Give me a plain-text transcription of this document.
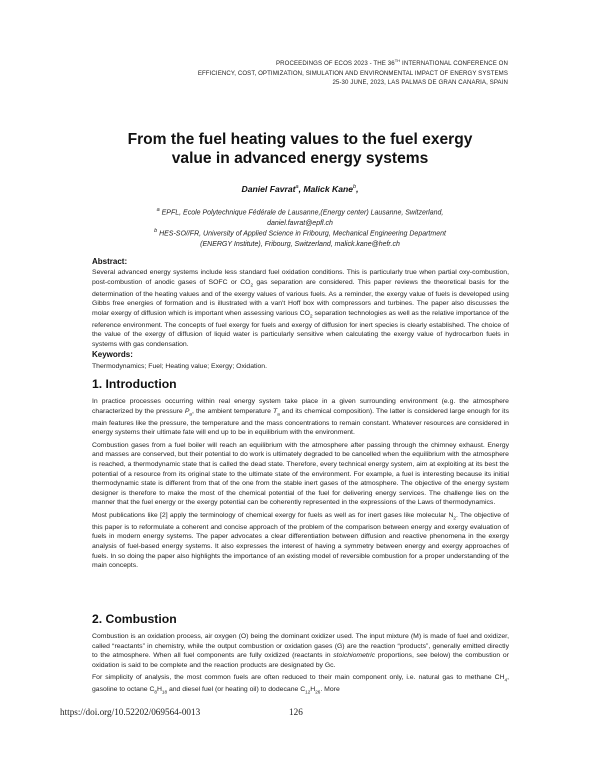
PROCEEDINGS OF ECOS 2023 - THE 36TH INTERNATIONAL CONFERENCE ON
EFFICIENCY, COST, OPTIMIZATION, SIMULATION AND ENVIRONMENTAL IMPACT OF ENERGY SYSTEMS
25-30 JUNE, 2023, LAS PALMAS DE GRAN CANARIA, SPAIN
From the fuel heating values to the fuel exergy
value in advanced energy systems
Daniel Favrat$^a$, Malick Kane$^b$,
$^a$ EPFL, Ecole Polytechnique Fédérale de Lausanne,(Energy center) Lausanne, Switzerland,
daniel.favrat@epfl.ch
$^b$ HES-SO//FR, University of Applied Science in Fribourg, Mechanical Engineering Department
(ENERGY Institute), Fribourg, Switzerland, malick.kane@hefr.ch
Abstract:

Several advanced energy systems include less standard fuel oxidation conditions. This is particularly true when partial oxy-combustion, post-combustion of anodic gases of SOFC or $CO_2$ gas separation are considered. This paper reviews the theoretical basis for the determination of the heating values and of the exergy values of various fuels. As a reminder, the exergy value of fuels is developed using Gibbs free energies of formation and is illustrated with a van't Hoff box with compressors and turbines. The paper also discusses the molar exergy of diffusion which is important when assessing various $CO_2$ separation technologies as well as the relative importance of the reference environment. The concepts of fuel exergy for fuels and exergy of diffusion for inert species is clearly established. The choice of the value of the exergy of diffusion of liquid water is particularly sensitive when calculating the exergy value of hydrocarbon fuels in systems with gas condensation.

Keywords:

Thermodynamics; Fuel; Heating value; Exergy; Oxidation.

1. Introduction

In practice processes occurring within real energy system take place in a given surrounding environment (e.g. the atmosphere characterized by the pressure $P_a$, the ambient temperature $T_a$ and its chemical composition). The latter is considered large enough for its main features like the pressure, the temperature and the mass concentrations to remain constant. Whatever resources are considered in energy systems their ultimate fate will end up to be in equilibrium with the environment.

Combustion gases from a fuel boiler will reach an equilibrium with the atmosphere after passing through the chimney exhaust. Energy and masses are conserved, but their potential to do work is ultimately degraded to be cancelled when the equilibrium with the atmosphere is reached, a thermodynamic state that is called the dead state. Therefore, every technical energy system, aim at exploiting at its best the potential of a resource from its original state to the ultimate state of the environment. For example, a fuel is interesting because its initial thermodynamic state is different from that of the one from the stable inert gases of the atmosphere. The objective of the energy system designer is therefore to make the most of the chemical potential of the fuel for delivering energy services. The challenge lies on the manner that the fuel energy or the exergy potential can be coherently represented in the expressions of the Laws of thermodynamics.

Most publications like [2] apply the terminology of chemical exergy for fuels as well as for inert gases like molecular $N_2$. The objective of this paper is to reformulate a coherent and concise approach of the problem of the comparison between energy and exergy evaluation of fuels in modern energy systems. The paper advocates a clear differentiation between diffusion and reactive phenomena in the exergy analysis of fuel-based energy systems. It also expresses the interest of having a symmetry between energy and exergy approaches of fuels. In so doing the paper also highlights the importance of an existing model of reversible combustion for a proper understanding of the main concepts.

2. Combustion

Combustion is an oxidation process, air oxygen (O) being the dominant oxidizer used. The input mixture (M) is made of fuel and oxidizer, called “reactants” in chemistry, while the output combustion or oxidation gases (G) are the reaction “products”, generally emitted directly to the atmosphere. When all fuel components are fully oxidized (reactants in stoichiometric proportions, see below) the combustion or oxidation is said to be complete and the reaction products are designated by Gc.

For simplicity of analysis, the most common fuels are often reduced to their main component only, i.e. natural gas to methane $CH_4$, gasoline to octane $C_8H_{18}$ and diesel fuel (or heating oil) to dodecane $C_{12}H_{26}$. More

https://doi.org/10.52202/069564-0013	126
